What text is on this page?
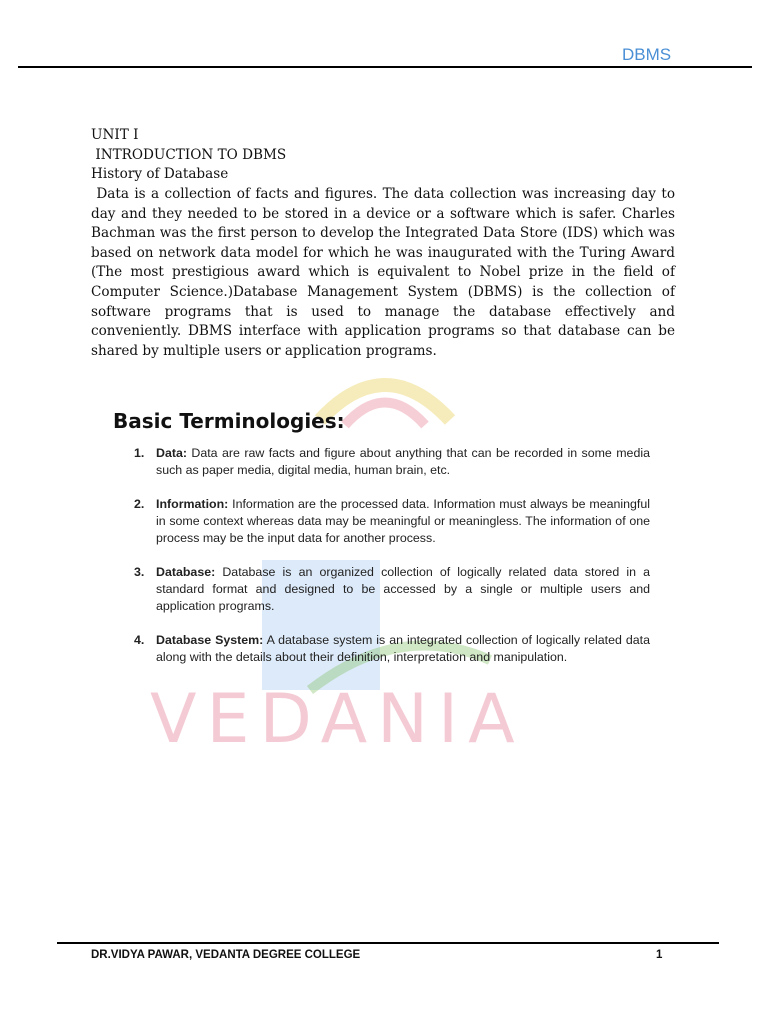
DBMS
VEDANIA
UNIT I
INTRODUCTION TO DBMS
History of Database
Data is a collection of facts and figures. The data collection was increasing day to day and they needed to be stored in a device or a software which is safer. Charles Bachman was the first person to develop the Integrated Data Store (IDS) which was based on network data model for which he was inaugurated with the Turing Award (The most prestigious award which is equivalent to Nobel prize in the field of Computer Science.)Database Management System (DBMS) is the collection of software programs that is used to manage the database effectively and conveniently. DBMS interface with application programs so that database can be shared by multiple users or application programs.
Basic Terminologies:
1. Data: Data are raw facts and figure about anything that can be recorded in some media such as paper media, digital media, human brain, etc.
2. Information: Information are the processed data. Information must always be meaningful in some context whereas data may be meaningful or meaningless. The information of one process may be the input data for another process.
3. Database: Database is an organized collection of logically related data stored in a standard format and designed to be accessed by a single or multiple users and application programs.
4. Database System: A database system is an integrated collection of logically related data along with the details about their definition, interpretation and manipulation.
DR.VIDYA PAWAR, VEDANTA DEGREE COLLEGE	1
